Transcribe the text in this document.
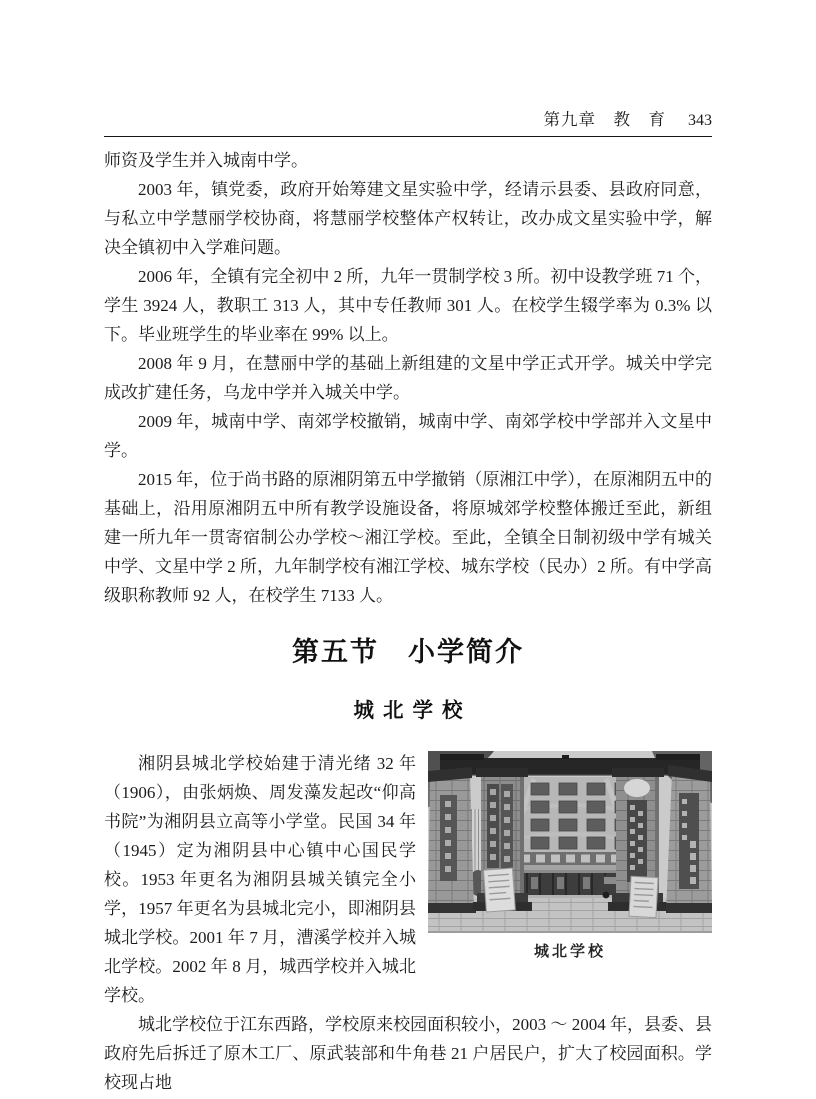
第九章　教　育 343

师资及学生并入城南中学。

2003 年，镇党委，政府开始筹建文星实验中学，经请示县委、县政府同意，与私立中学慧丽学校协商，将慧丽学校整体产权转让，改办成文星实验中学，解决全镇初中入学难问题。

2006 年，全镇有完全初中 2 所，九年一贯制学校 3 所。初中设教学班 71 个，学生 3924 人，教职工 313 人，其中专任教师 301 人。在校学生辍学率为 0.3% 以下。毕业班学生的毕业率在 99% 以上。

2008 年 9 月，在慧丽中学的基础上新组建的文星中学正式开学。城关中学完成改扩建任务，乌龙中学并入城关中学。

2009 年，城南中学、南郊学校撤销，城南中学、南郊学校中学部并入文星中学。

2015 年，位于尚书路的原湘阴第五中学撤销（原湘江中学），在原湘阴五中的基础上，沿用原湘阴五中所有教学设施设备，将原城郊学校整体搬迁至此，新组建一所九年一贯寄宿制公办学校～湘江学校。至此，全镇全日制初级中学有城关中学、文星中学 2 所，九年制学校有湘江学校、城东学校（民办）2 所。有中学高级职称教师 92 人，在校学生 7133 人。

第五节　小学简介
城北学校
城北学校

湘阴县城北学校始建于清光绪 32 年（1906），由张炳焕、周发藻发起改“仰高书院”为湘阴县立高等小学堂。民国 34 年（1945）定为湘阴县中心镇中心国民学校。1953 年更名为湘阴县城关镇完全小学，1957 年更名为县城北完小，即湘阴县城北学校。2001 年 7 月，漕溪学校并入城北学校。2002 年 8 月，城西学校并入城北学校。

城北学校位于江东西路，学校原来校园面积较小，2003 ～ 2004 年，县委、县政府先后拆迁了原木工厂、原武装部和牛角巷 21 户居民户，扩大了校园面积。学校现占地
